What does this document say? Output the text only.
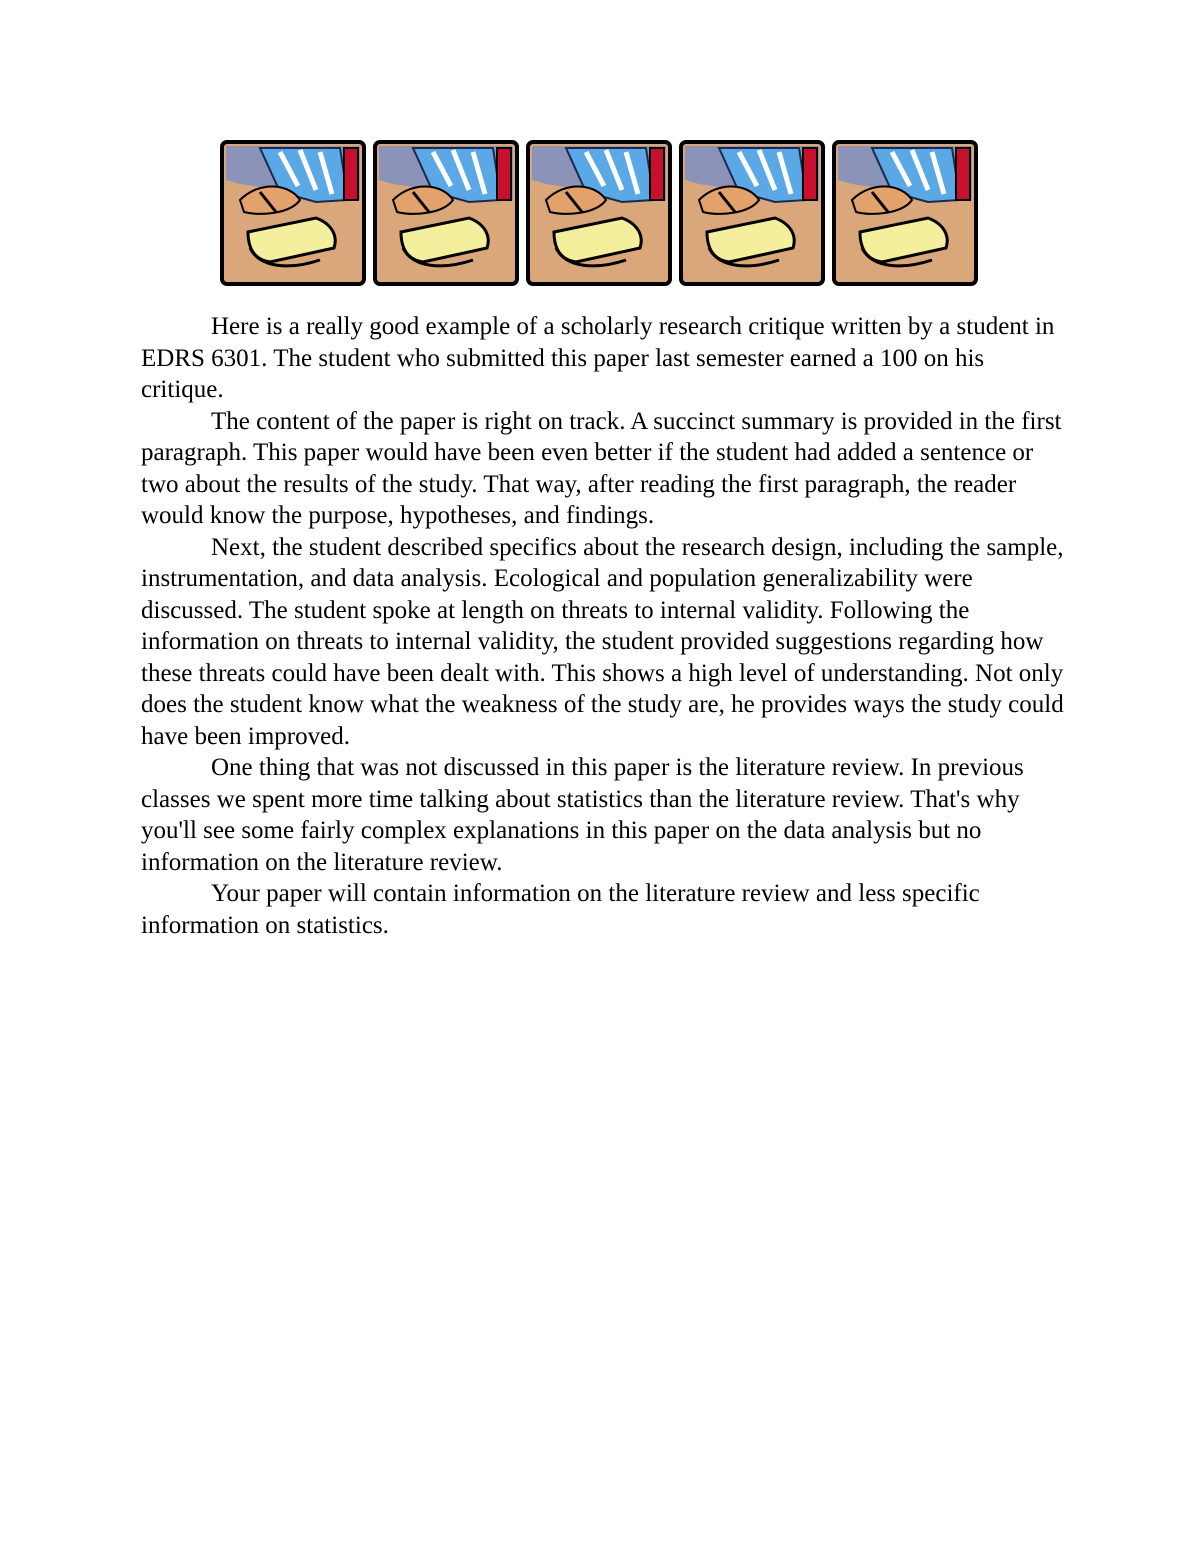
Here is a really good example of a scholarly research critique written by a student in EDRS 6301. The student who submitted this paper last semester earned a 100 on his critique.

The content of the paper is right on track. A succinct summary is provided in the first paragraph. This paper would have been even better if the student had added a sentence or two about the results of the study. That way, after reading the first paragraph, the reader would know the purpose, hypotheses, and findings.

Next, the student described specifics about the research design, including the sample, instrumentation, and data analysis. Ecological and population generalizability were discussed. The student spoke at length on threats to internal validity. Following the information on threats to internal validity, the student provided suggestions regarding how these threats could have been dealt with. This shows a high level of understanding. Not only does the student know what the weakness of the study are, he provides ways the study could have been improved.

One thing that was not discussed in this paper is the literature review. In previous classes we spent more time talking about statistics than the literature review. That's why you'll see some fairly complex explanations in this paper on the data analysis but no information on the literature review.

Your paper will contain information on the literature review and less specific information on statistics.
